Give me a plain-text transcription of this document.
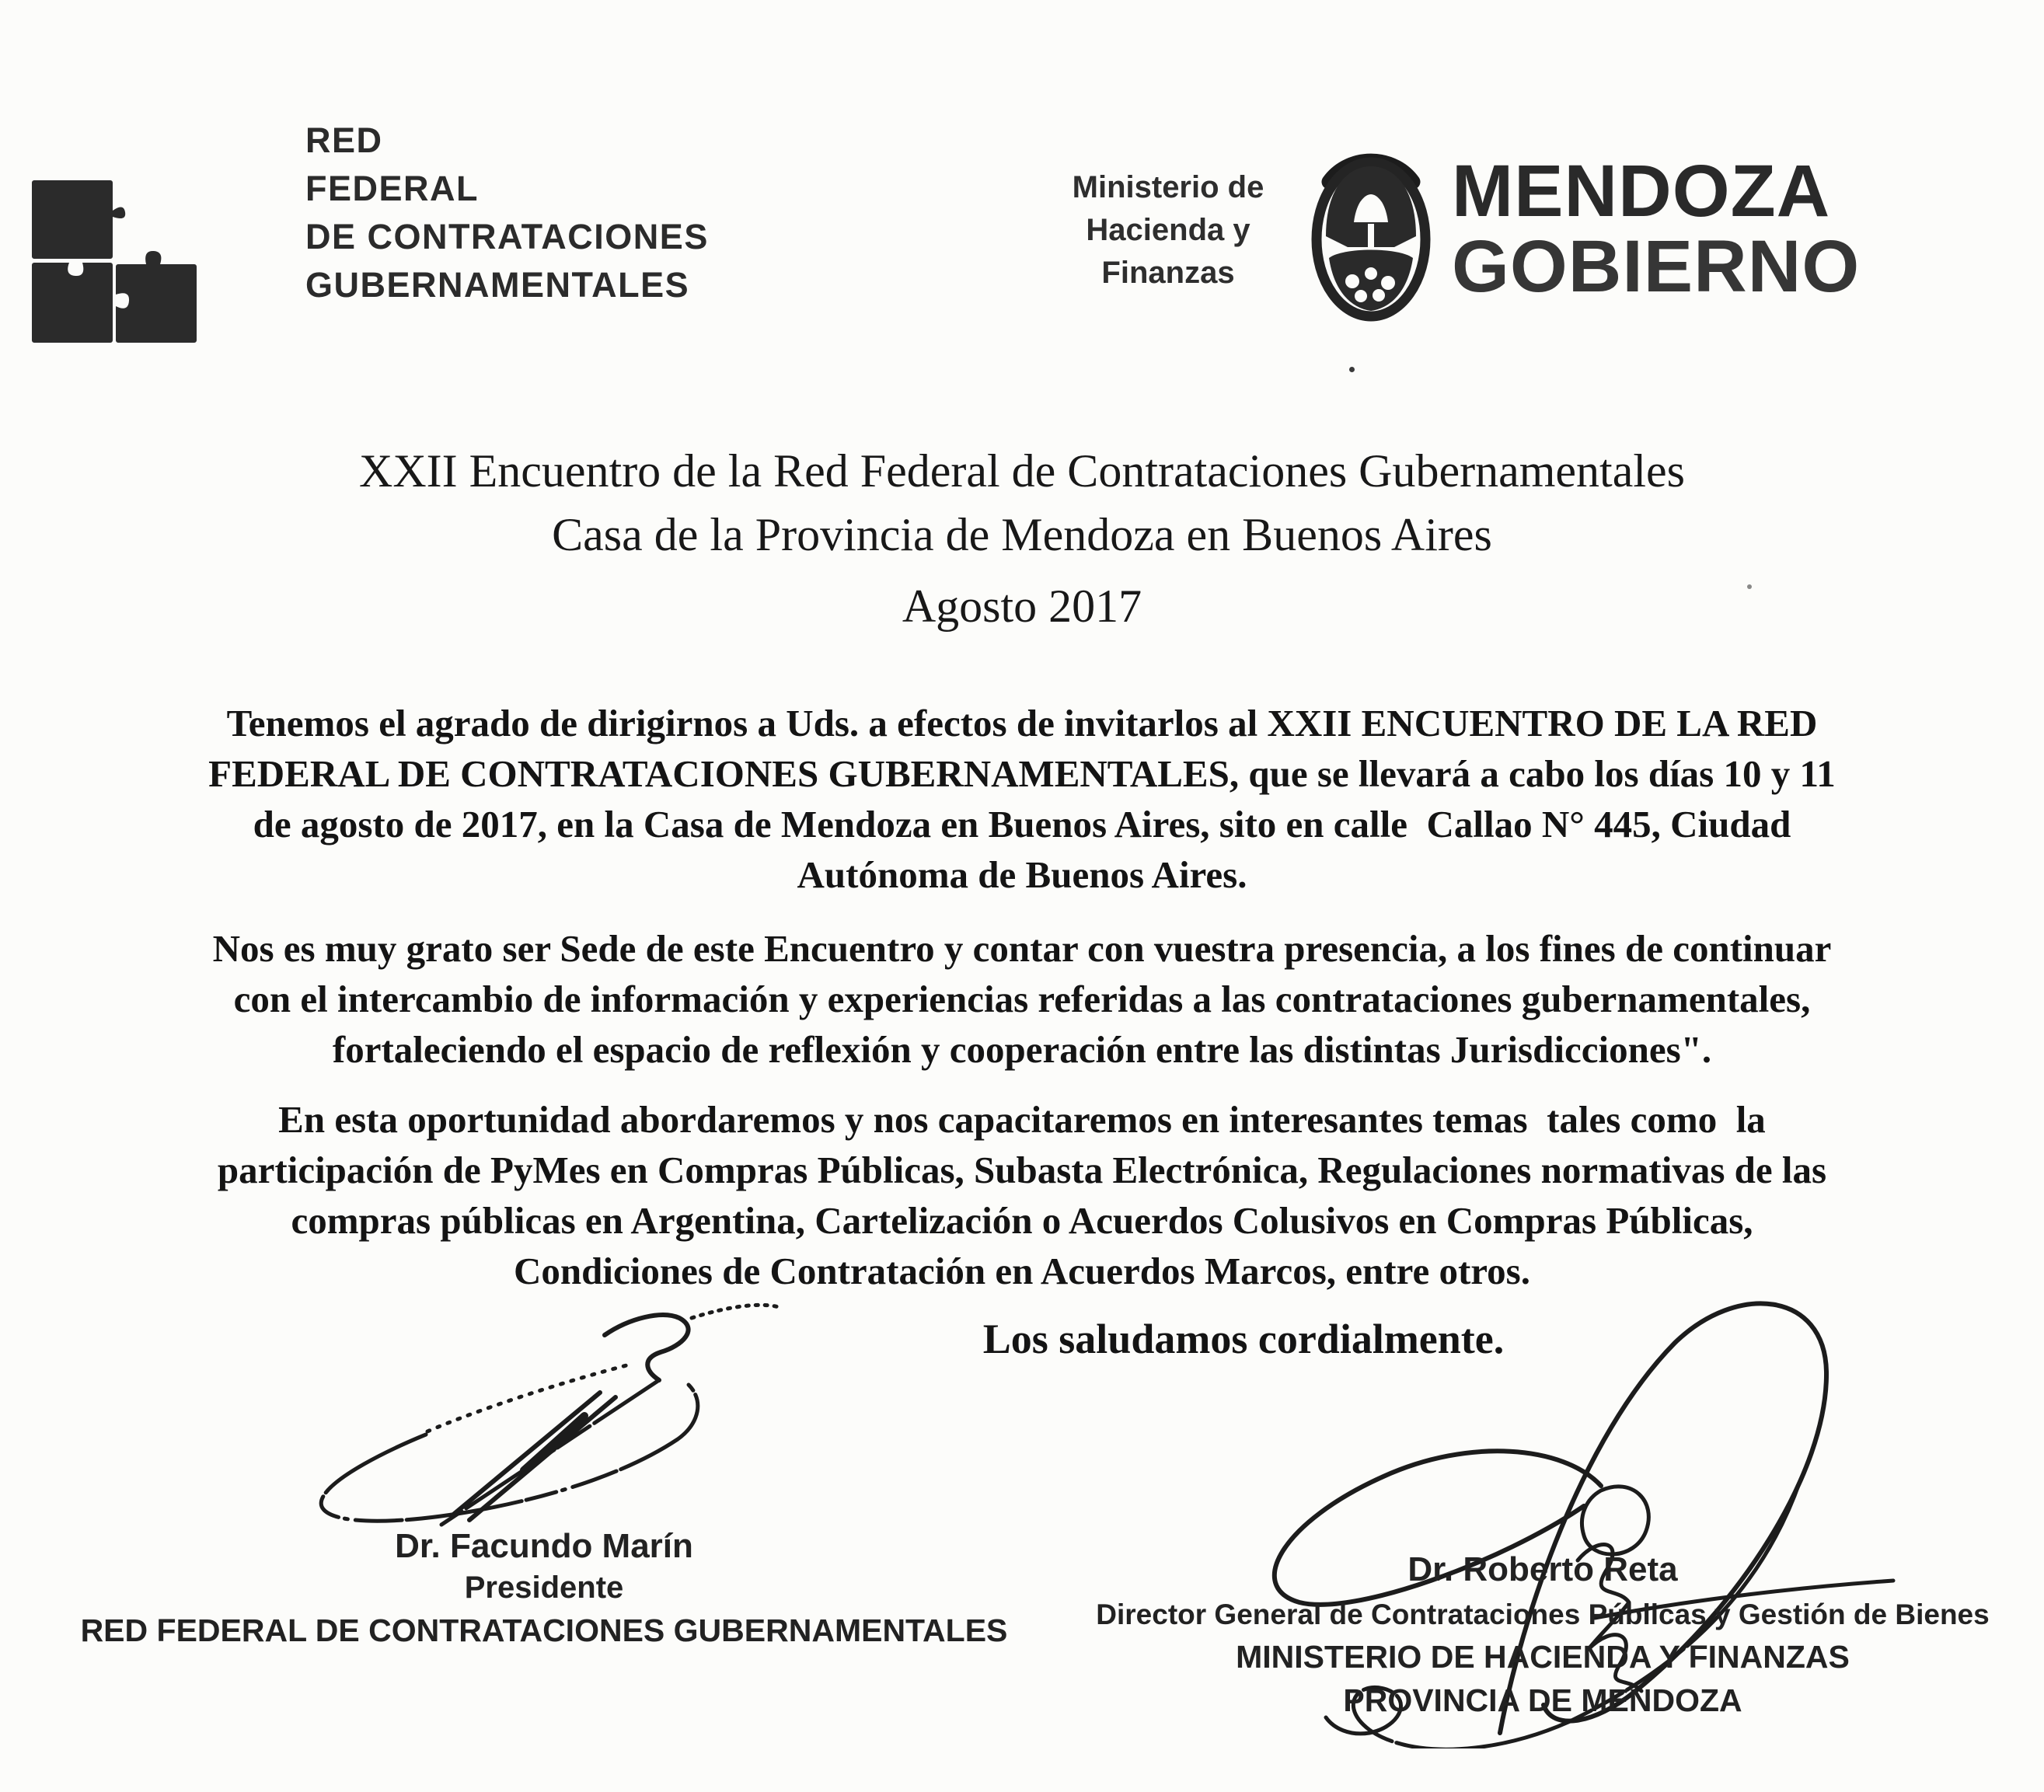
RED
FEDERAL
DE CONTRATACIONES
GUBERNAMENTALES
Ministerio de
Hacienda y
Finanzas
MENDOZA
GOBIERNO
XXII Encuentro de la Red Federal de Contrataciones Gubernamentales
Casa de la Provincia de Mendoza en Buenos Aires
Agosto 2017
Tenemos el agrado de dirigirnos a Uds. a efectos de invitarlos al XXII ENCUENTRO DE LA RED
FEDERAL DE CONTRATACIONES GUBERNAMENTALES, que se llevará a cabo los días 10 y 11
de agosto de 2017, en la Casa de Mendoza en Buenos Aires, sito en calle  Callao N° 445, Ciudad
Autónoma de Buenos Aires.
Nos es muy grato ser Sede de este Encuentro y contar con vuestra presencia, a los fines de continuar
con el intercambio de información y experiencias referidas a las contrataciones gubernamentales,
fortaleciendo el espacio de reflexión y cooperación entre las distintas Jurisdicciones".
En esta oportunidad abordaremos y nos capacitaremos en interesantes temas  tales como  la
participación de PyMes en Compras Públicas, Subasta Electrónica, Regulaciones normativas de las
compras públicas en Argentina, Cartelización o Acuerdos Colusivos en Compras Públicas,
Condiciones de Contratación en Acuerdos Marcos, entre otros.
Los saludamos cordialmente.
Dr. Facundo Marín
Presidente
RED FEDERAL DE CONTRATACIONES GUBERNAMENTALES
Dr. Roberto Reta
Director General de Contrataciones Públicas y Gestión de Bienes
MINISTERIO DE HACIENDA Y FINANZAS
PROVINCIA DE MENDOZA
